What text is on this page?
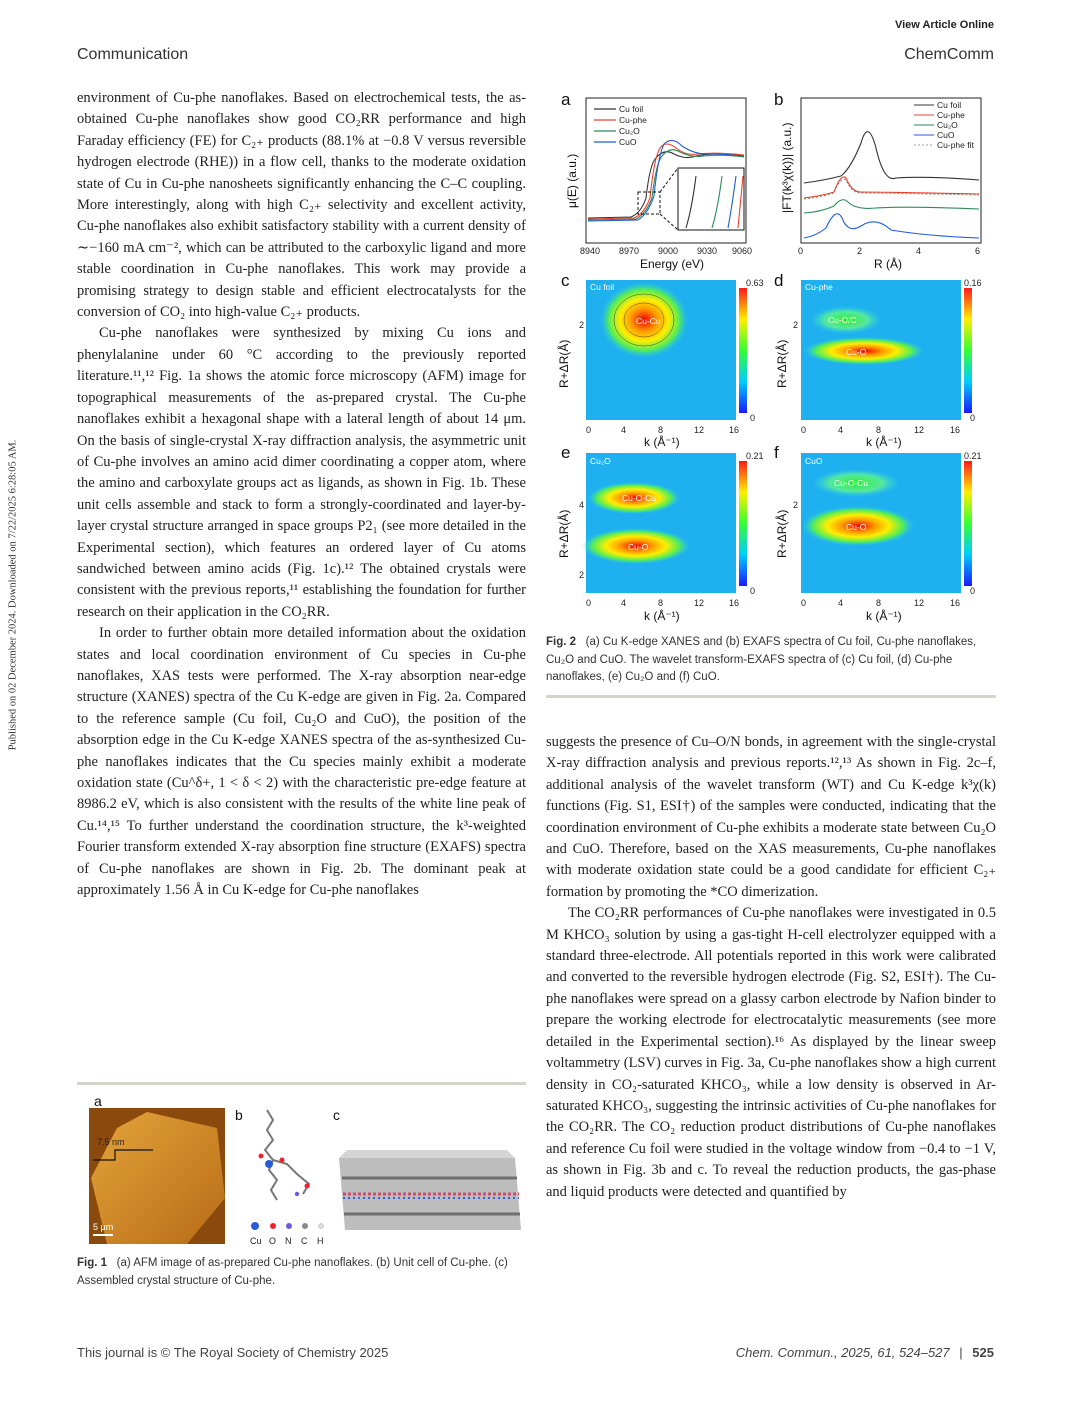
Communication
View Article Online
ChemComm
Published on 02 December 2024. Downloaded on 7/22/2025 6:28:05 AM.

environment of Cu-phe nanoflakes. Based on electrochemical tests, the as-obtained Cu-phe nanoflakes show good CO₂RR performance and high Faraday efficiency (FE) for C₂₊ products (88.1% at −0.8 V versus reversible hydrogen electrode (RHE)) in a flow cell, thanks to the moderate oxidation state of Cu in Cu-phe nanosheets significantly enhancing the C–C coupling. More interestingly, along with high C₂₊ selectivity and excellent activity, Cu-phe nanoflakes also exhibit satisfactory stability with a current density of ∼−160 mA cm⁻², which can be attributed to the carboxylic ligand and more stable coordination in Cu-phe nanoflakes. This work may provide a promising strategy to design stable and efficient electrocatalysts for the conversion of CO₂ into high-value C₂₊ products.

Cu-phe nanoflakes were synthesized by mixing Cu ions and phenylalanine under 60 °C according to the previously reported literature.¹¹,¹² Fig. 1a shows the atomic force microscopy (AFM) image for topographical measurements of the as-prepared crystal. The Cu-phe nanoflakes exhibit a hexagonal shape with a lateral length of about 14 μm. On the basis of single-crystal X-ray diffraction analysis, the asymmetric unit of Cu-phe involves an amino acid dimer coordinating a copper atom, where the amino and carboxylate groups act as ligands, as shown in Fig. 1b. These unit cells assemble and stack to form a strongly-coordinated and layer-by-layer crystal structure arranged in space groups P2₁ (see more detailed in the Experimental section), which features an ordered layer of Cu atoms sandwiched between amino acids (Fig. 1c).¹² The obtained crystals were consistent with the previous reports,¹¹ establishing the foundation for further research on their application in the CO₂RR.

In order to further obtain more detailed information about the oxidation states and local coordination environment of Cu species in Cu-phe nanoflakes, XAS tests were performed. The X-ray absorption near-edge structure (XANES) spectra of the Cu K-edge are given in Fig. 2a. Compared to the reference sample (Cu foil, Cu₂O and CuO), the position of the absorption edge in the Cu K-edge XANES spectra of the as-synthesized Cu-phe nanoflakes indicates that the Cu species mainly exhibit a moderate oxidation state (Cu^δ+, 1 < δ < 2) with the characteristic pre-edge feature at 8986.2 eV, which is also consistent with the results of the white line peak of Cu.¹⁴,¹⁵ To further understand the coordination structure, the k³-weighted Fourier transform extended X-ray absorption fine structure (EXAFS) spectra of Cu-phe nanoflakes are shown in Fig. 2b. The dominant peak at approximately 1.56 Å in Cu K-edge for Cu-phe nanoflakes

a	Cu foil
Cu-phe
Cu₂O
CuO
μ(E) (a.u.)
8940 8970 9000 9030 9060
Energy (eV)
b	Cu foil
Cu-phe
Cu₂O
CuO
Cu-phe fit
|FT(k³χ(k))| (a.u.)
0	2	4	6
R (Å)
c Cu foil
Cu-Cu
0.63
0
d	Cu-phe
Cu-O/C
Cu-O
0.16
0
0	4	8	12	16
k (Å⁻¹)
2
R+ΔR(Å)
0	4	8	12	16
k (Å⁻¹)
2
R+ΔR(Å)
e Cu₂O
Cu-O-Cu
Cu-O
0.21
0
f	CuO
Cu-O-Cu
Cu-O
0.21
0
0	4	8	12	16
k (Å⁻¹)
2
4
R+ΔR(Å)
0	4	8	12	16
k (Å⁻¹)
2
R+ΔR(Å)
Fig. 2 (a) Cu K-edge XANES and (b) EXAFS spectra of Cu foil, Cu-phe nanoflakes, Cu₂O and CuO. The wavelet transform-EXAFS spectra of (c) Cu foil, (d) Cu-phe nanoflakes, (e) Cu₂O and (f) CuO.

suggests the presence of Cu–O/N bonds, in agreement with the single-crystal X-ray diffraction analysis and previous reports.¹²,¹³ As shown in Fig. 2c–f, additional analysis of the wavelet transform (WT) and Cu K-edge k³χ(k) functions (Fig. S1, ESI†) of the samples were conducted, indicating that the coordination environment of Cu-phe exhibits a moderate state between Cu₂O and CuO. Therefore, based on the XAS measurements, Cu-phe nanoflakes with moderate oxidation state could be a good candidate for efficient C₂₊ formation by promoting the *CO dimerization.

The CO₂RR performances of Cu-phe nanoflakes were investigated in 0.5 M KHCO₃ solution by using a gas-tight H-cell electrolyzer equipped with a standard three-electrode. All potentials reported in this work were calibrated and converted to the reversible hydrogen electrode (Fig. S2, ESI†). The Cu-phe nanoflakes were spread on a glassy carbon electrode by Nafion binder to prepare the working electrode for electrocatalytic measurements (see more detailed in the Experimental section).¹⁶ As displayed by the linear sweep voltammetry (LSV) curves in Fig. 3a, Cu-phe nanoflakes show a high current density in CO₂-saturated KHCO₃, while a low density is observed in Ar-saturated KHCO₃, suggesting the intrinsic activities of Cu-phe nanoflakes for the CO₂RR. The CO₂ reduction product distributions of Cu-phe nanoflakes and reference Cu foil were studied in the voltage window from −0.4 to −1 V, as shown in Fig. 3b and c. To reveal the reduction products, the gas-phase and liquid products were detected and quantified by

a
7.5 nm
5 μm
b
Cu O N C H
c
Fig. 1 (a) AFM image of as-prepared Cu-phe nanoflakes. (b) Unit cell of Cu-phe. (c) Assembled crystal structure of Cu-phe.
This journal is © The Royal Society of Chemistry 2025	Chem. Commun., 2025, 61, 524–527 | 525
